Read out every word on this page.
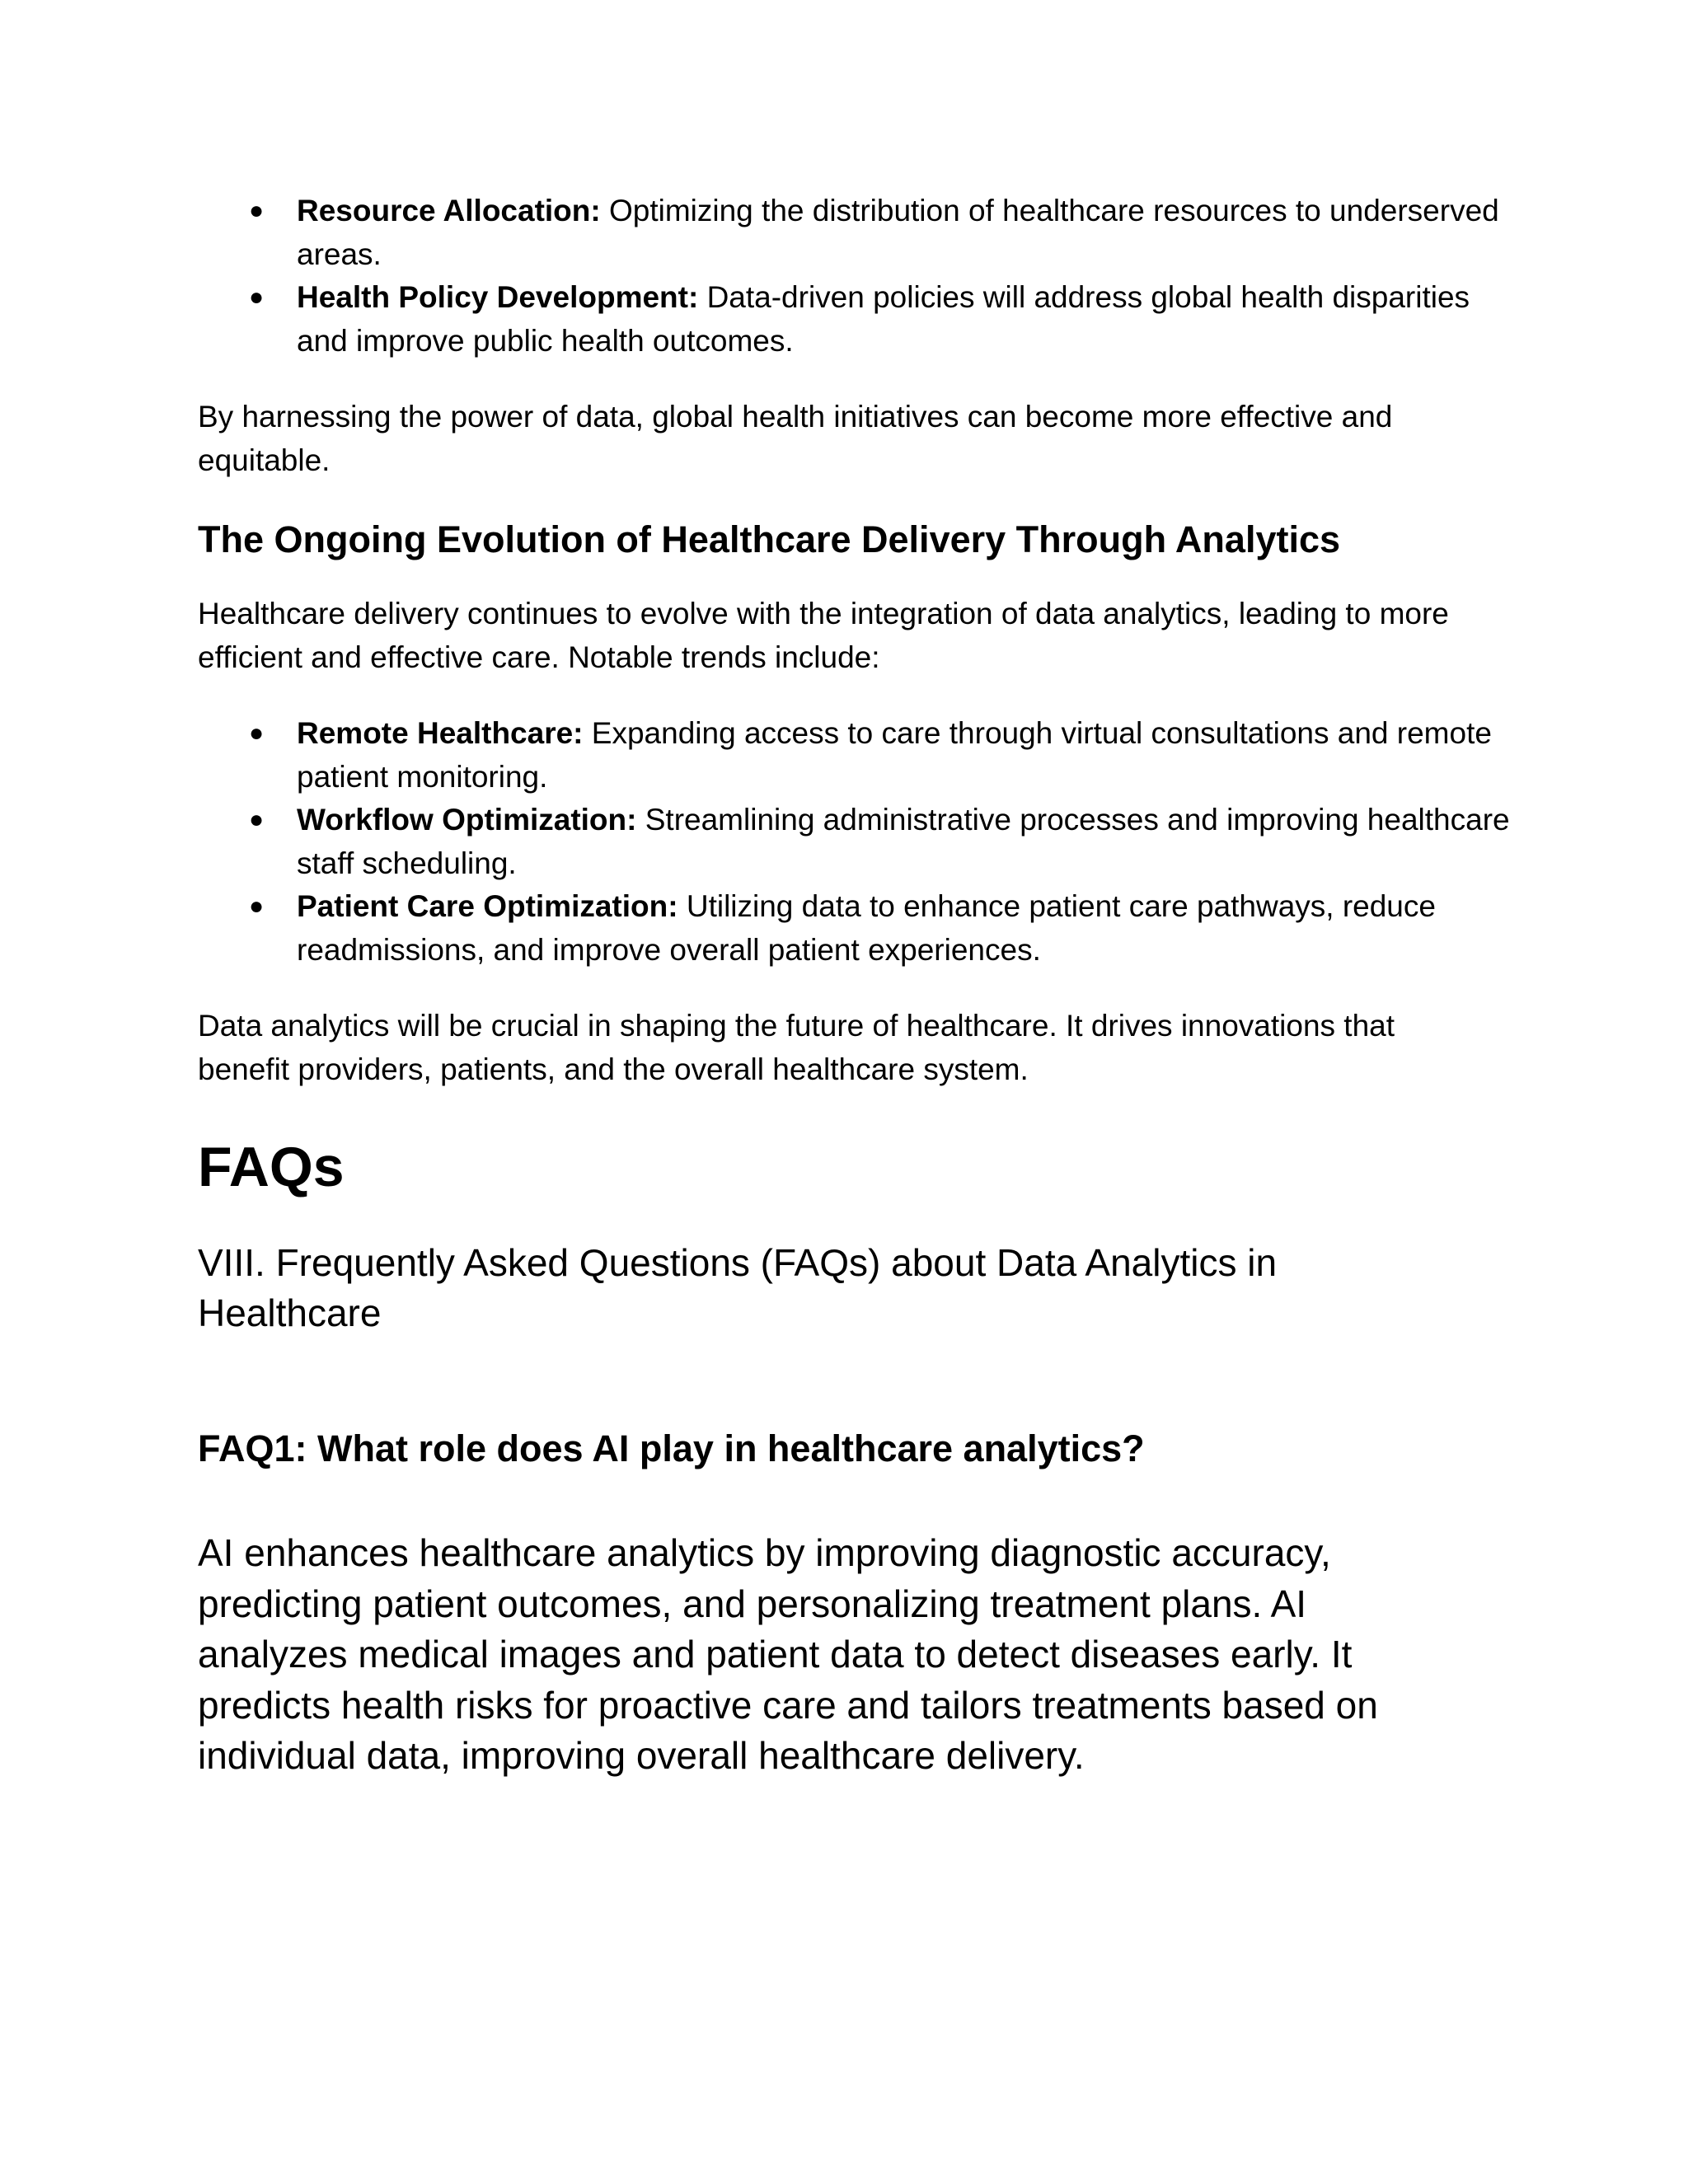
● Resource Allocation: Optimizing the distribution of healthcare resources to underserved areas.
● Health Policy Development: Data-driven policies will address global health disparities and improve public health outcomes.

By harnessing the power of data, global health initiatives can become more effective and equitable.

The Ongoing Evolution of Healthcare Delivery Through Analytics

Healthcare delivery continues to evolve with the integration of data analytics, leading to more efficient and effective care. Notable trends include:

● Remote Healthcare: Expanding access to care through virtual consultations and remote patient monitoring.
● Workflow Optimization: Streamlining administrative processes and improving healthcare staff scheduling.
● Patient Care Optimization: Utilizing data to enhance patient care pathways, reduce readmissions, and improve overall patient experiences.

Data analytics will be crucial in shaping the future of healthcare. It drives innovations that benefit providers, patients, and the overall healthcare system.

FAQs

VIII. Frequently Asked Questions (FAQs) about Data Analytics in Healthcare

FAQ1: What role does AI play in healthcare analytics?

AI enhances healthcare analytics by improving diagnostic accuracy, predicting patient outcomes, and personalizing treatment plans. AI analyzes medical images and patient data to detect diseases early. It predicts health risks for proactive care and tailors treatments based on individual data, improving overall healthcare delivery.
